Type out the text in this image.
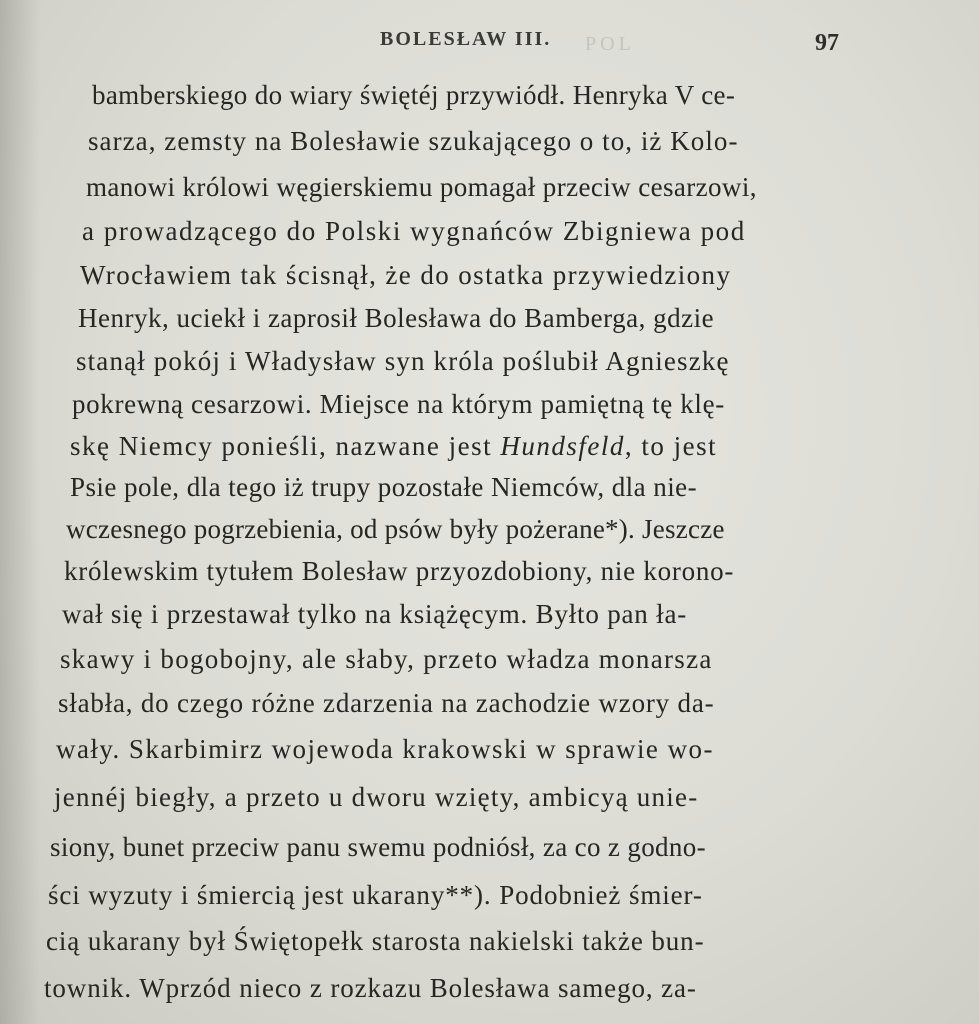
POL
BOLESŁAW III.	97
bamberskiego do wiary świętéj przywiódł. Henryka V ce-
sarza, zemsty na Bolesławie szukającego o to, iż Kolo-
manowi królowi węgierskiemu pomagał przeciw cesarzowi,
a prowadzącego do Polski wygnańców Zbigniewa pod
Wrocławiem tak ścisnął, że do ostatka przywiedziony
Henryk, uciekł i zaprosił Bolesława do Bamberga, gdzie
stanął pokój i Władysław syn króla poślubił Agnieszkę
pokrewną cesarzowi. Miejsce na którym pamiętną tę klę-
skę Niemcy ponieśli, nazwane jest Hundsfeld, to jest
Psie pole, dla tego iż trupy pozostałe Niemców, dla nie-
wczesnego pogrzebienia, od psów były pożerane*). Jeszcze
królewskim tytułem Bolesław przyozdobiony, nie korono-
wał się i przestawał tylko na książęcym. Byłto pan ła-
skawy i bogobojny, ale słaby, przeto władza monarsza
słabła, do czego różne zdarzenia na zachodzie wzory da-
wały. Skarbimirz wojewoda krakowski w sprawie wo-
jennéj biegły, a przeto u dworu wzięty, ambicyą unie-
siony, bunet przeciw panu swemu podniósł, za co z godno-
ści wyzuty i śmiercią jest ukarany**). Podobnież śmier-
cią ukarany był Świętopełk starosta nakielski także bun-
townik. Wprzód nieco z rozkazu Bolesława samego, za-
